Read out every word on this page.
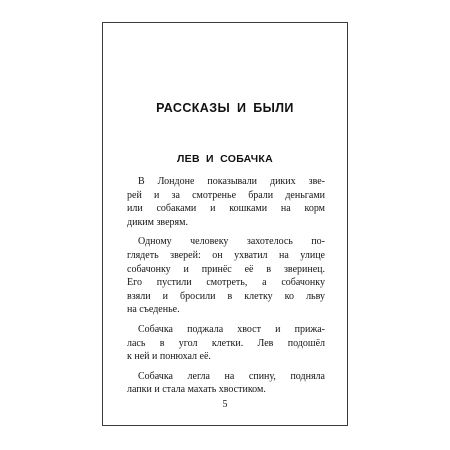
РАССКАЗЫ И БЫЛИ
ЛЕВ И СОБАЧКА

В Лондоне показывали диких зве-
рей и за смотренье брали деньгами
или собаками и кошками на корм
диким зверям.

Одному человеку захотелось по-
глядеть зверей: он ухватил на улице
собачонку и принёс её в зверинец.
Его пустили смотреть, а собачонку
взяли и бросили в клетку ко льву
на съеденье.

Собачка поджала хвост и прижа-
лась в угол клетки. Лев подошёл
к ней и понюхал её.

Собачка легла на спину, подняла
лапки и стала махать хвостиком.

5
